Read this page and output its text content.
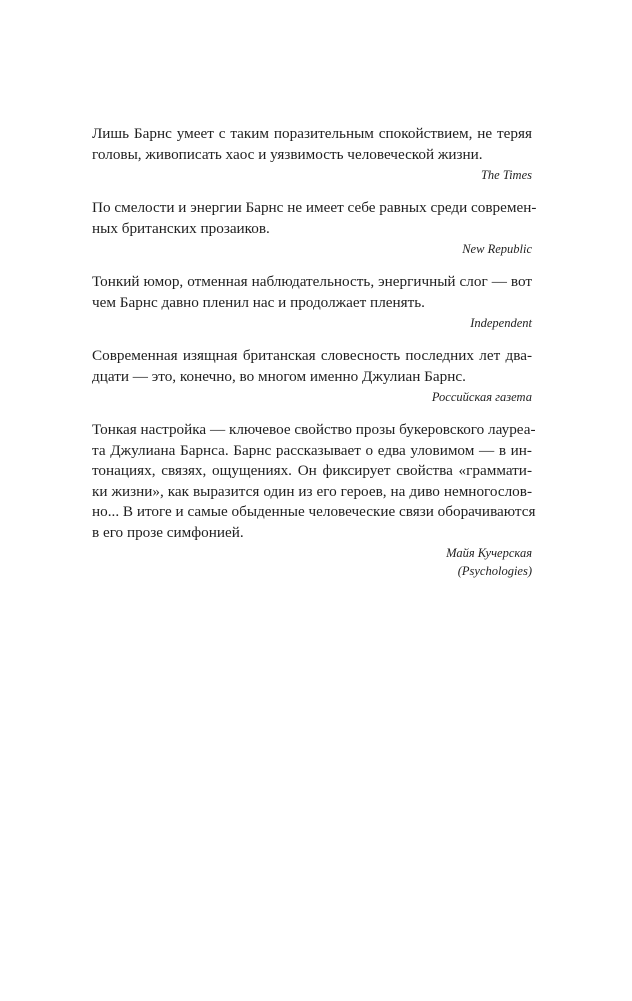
Лишь Барнс умеет с таким поразительным спокойствием, не теряя
головы, живописать хаос и уязвимость человеческой жизни.

The Times

По смелости и энергии Барнс не имеет себе равных среди современ-
ных британских прозаиков.

New Republic

Тонкий юмор, отменная наблюдательность, энергичный слог — вот
чем Барнс давно пленил нас и продолжает пленять.

Independent

Современная изящная британская словесность последних лет два-
дцати — это, конечно, во многом именно Джулиан Барнс.

Российская газета

Тонкая настройка — ключевое свойство прозы букеровского лауреа-
та Джулиана Барнса. Барнс рассказывает о едва уловимом — в ин-
тонациях, связях, ощущениях. Он фиксирует свойства «граммати-
ки жизни», как выразится один из его героев, на диво немногослов-
но... В итоге и самые обыденные человеческие связи оборачиваются
в его прозе симфонией.

Майя Кучерская
(Psychologies)
